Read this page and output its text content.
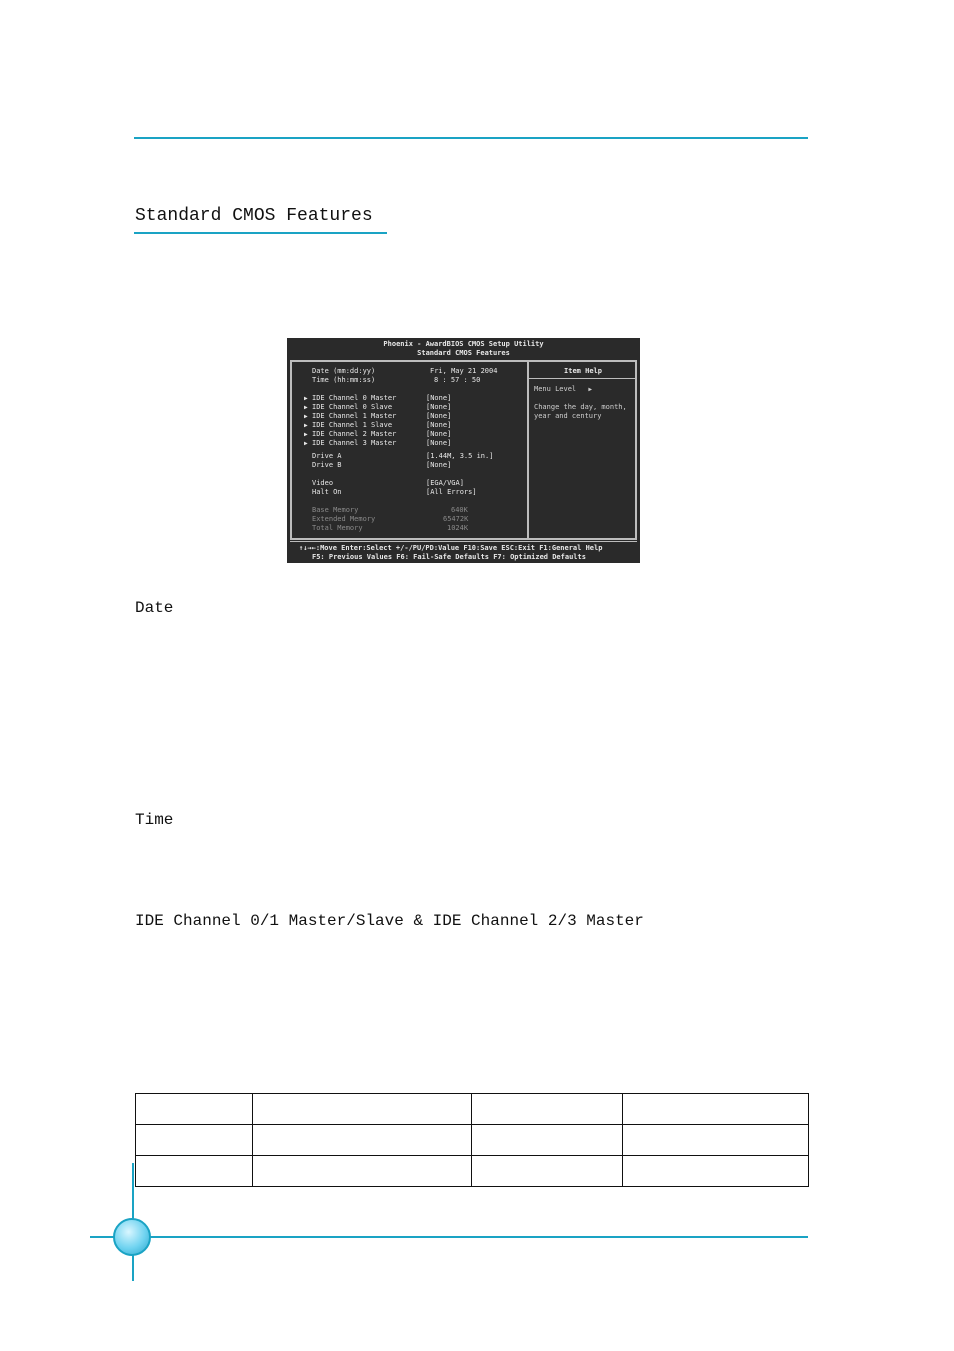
Standard CMOS Features
Phoenix - AwardBIOS CMOS Setup Utility
Standard CMOS Features
Date (mm:dd:yy)	Fri, May 21 2004
Time (hh:mm:ss)	8 : 57 : 50
▶ IDE Channel 0 Master	[None]
▶ IDE Channel 0 Slave	[None]
▶ IDE Channel 1 Master	[None]
▶ IDE Channel 1 Slave	[None]
▶ IDE Channel 2 Master	[None]
▶ IDE Channel 3 Master	[None]
Drive A	[1.44M, 3.5 in.]
Drive B	[None]
Video	[EGA/VGA]
Halt On	[All Errors]
Base Memory	640K
Extended Memory	65472K
Total Memory	1024K
Item Help
Menu Level ▶
Change the day, month,
year and century
↑↓→←:Move Enter:Select +/-/PU/PD:Value F10:Save ESC:Exit F1:General Help
F5: Previous Values F6: Fail-Safe Defaults F7: Optimized Defaults
Date
Time
IDE Channel 0/1 Master/Slave & IDE Channel 2/3 Master
